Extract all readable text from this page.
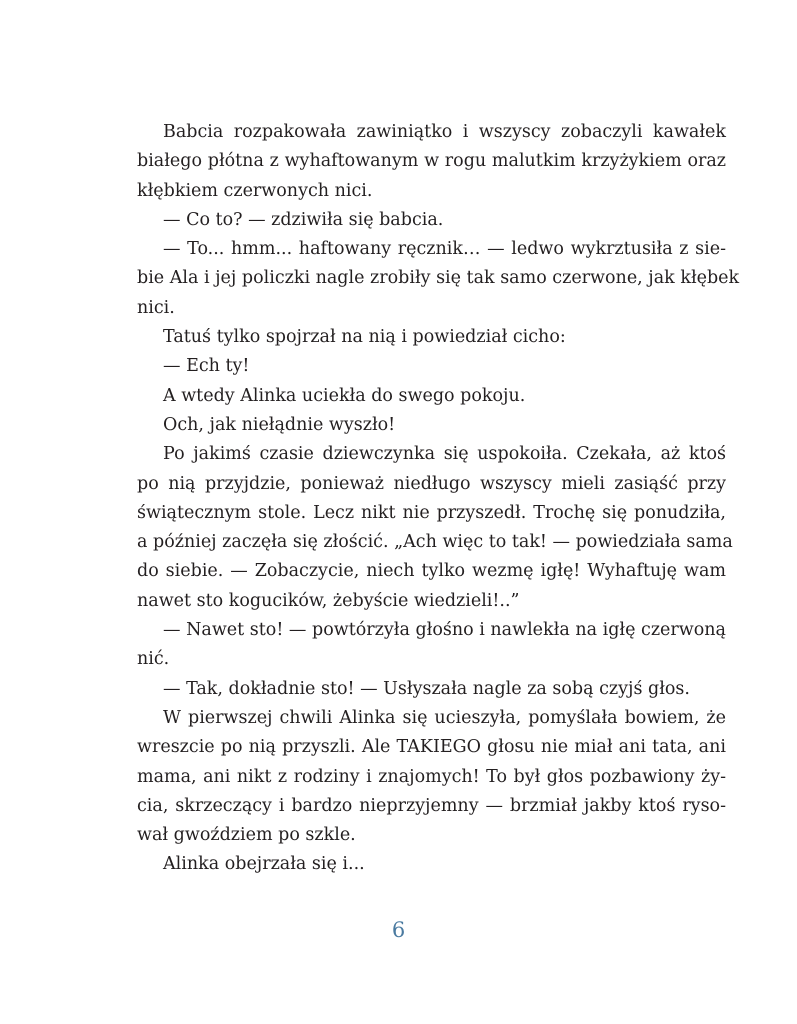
Babcia rozpakowała zawiniątko i wszyscy zobaczyli kawałek
białego płótna z wyhaftowanym w rogu malutkim krzyżykiem oraz
kłębkiem czerwonych nici.
— Co to? — zdziwiła się babcia.
— To... hmm... haftowany ręcznik… — ledwo wykrztusiła z sie-
bie Ala i jej policzki nagle zrobiły się tak samo czerwone, jak kłębek
nici.
Tatuś tylko spojrzał na nią i powiedział cicho:
— Ech ty!
A wtedy Alinka uciekła do swego pokoju.
Och, jak niełądnie wyszło!
Po jakimś czasie dziewczynka się uspokoiła. Czekała, aż ktoś
po nią przyjdzie, ponieważ niedługo wszyscy mieli zasiąść przy
świątecznym stole. Lecz nikt nie przyszedł. Trochę się ponudziła,
a później zaczęła się złościć. „Ach więc to tak! — powiedziała sama
do siebie. — Zobaczycie, niech tylko wezmę igłę! Wyhaftuję wam
nawet sto kogucików, żebyście wiedzieli!..”
— Nawet sto! — powtórzyła głośno i nawlekła na igłę czerwoną
nić.
— Tak, dokładnie sto! — Usłyszała nagle za sobą czyjś głos.
W pierwszej chwili Alinka się ucieszyła, pomyślała bowiem, że
wreszcie po nią przyszli. Ale TAKIEGO głosu nie miał ani tata, ani
mama, ani nikt z rodziny i znajomych! To był głos pozbawiony ży-
cia, skrzeczący i bardzo nieprzyjemny — brzmiał jakby ktoś ryso-
wał gwoździem po szkle.
Alinka obejrzała się i...
6
